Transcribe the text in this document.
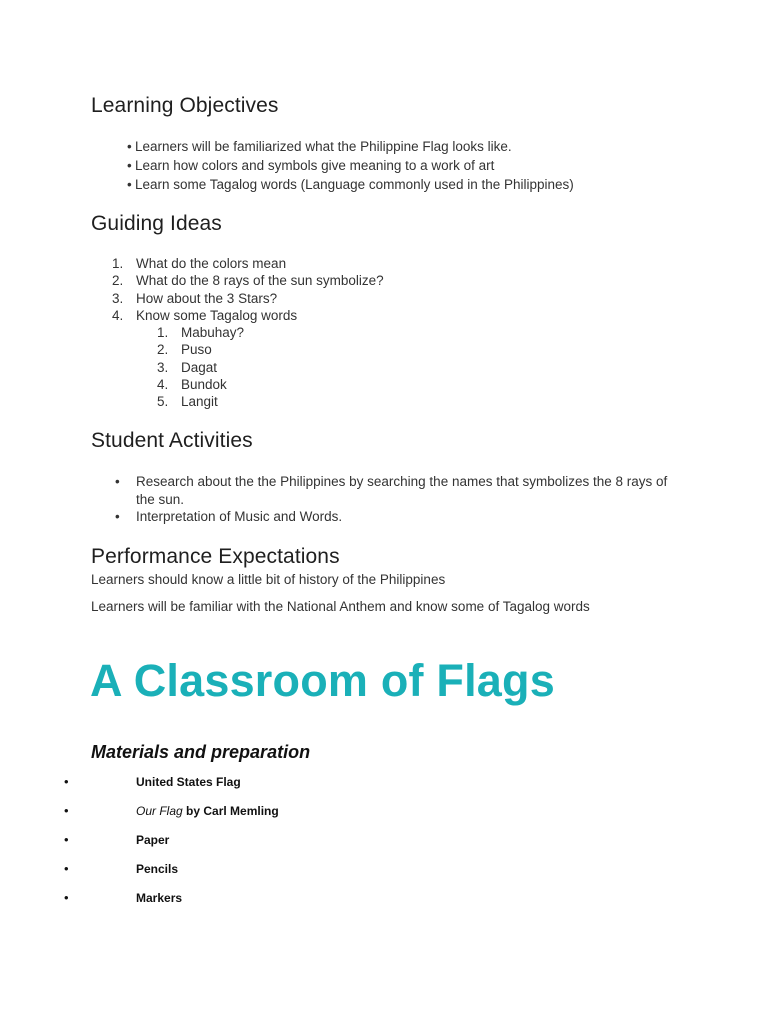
Learning Objectives
• Learners will be familiarized what the Philippine Flag looks like.
• Learn how colors and symbols give meaning to a work of art
• Learn some Tagalog words (Language commonly used in the Philippines)
Guiding Ideas
1. What do the colors mean
2. What do the 8 rays of the sun symbolize?
3. How about the 3 Stars?
4. Know some Tagalog words
1. Mabuhay?
2. Puso
3. Dagat
4. Bundok
5. Langit
Student Activities
• Research about the the Philippines by searching the names that symbolizes the 8 rays of the sun.
• Interpretation of Music and Words.
Performance Expectations

Learners should know a little bit of history of the Philippines

Learners will be familiar with the National Anthem and know some of Tagalog words

A Classroom of Flags
Materials and preparation
•	United States Flag
•	Our Flag by Carl Memling
•	Paper
•	Pencils
•	Markers
